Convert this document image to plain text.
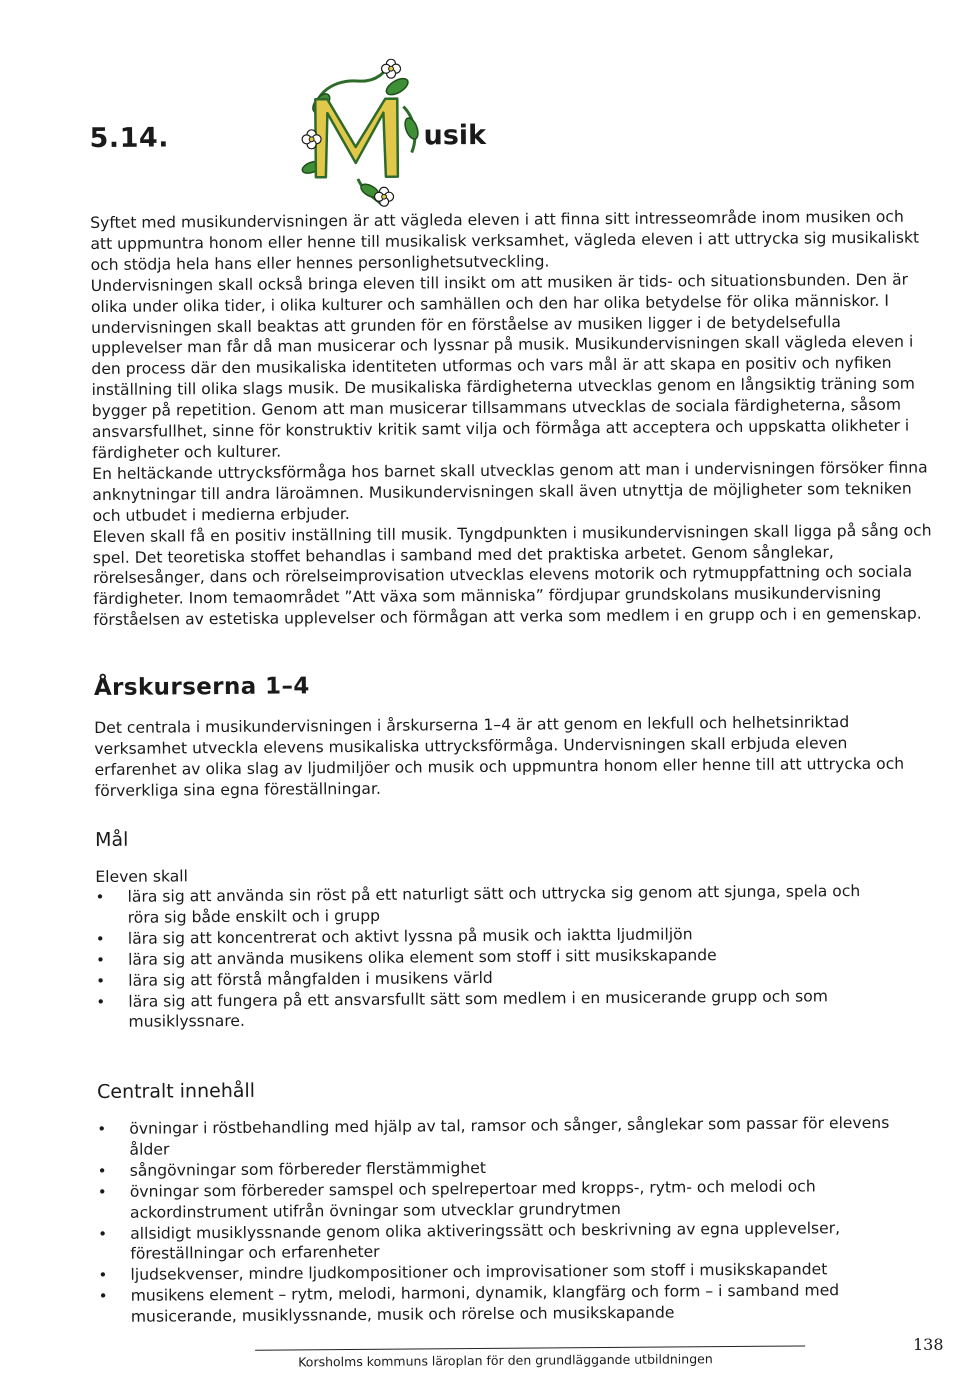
5.14.
M
usik

Syftet med musikundervisningen är att vägleda eleven i att finna sitt intresseområde inom musiken och att uppmuntra honom eller henne till musikalisk verksamhet, vägleda eleven i att uttrycka sig musikaliskt och stödja hela hans eller hennes personlighetsutveckling.
Undervisningen skall också bringa eleven till insikt om att musiken är tids- och situationsbunden. Den är olika under olika tider, i olika kulturer och samhällen och den har olika betydelse för olika människor. I undervisningen skall beaktas att grunden för en förståelse av musiken ligger i de betydelsefulla upplevelser man får då man musicerar och lyssnar på musik. Musikundervisningen skall vägleda eleven i den process där den musikaliska identiteten utformas och vars mål är att skapa en positiv och nyfiken inställning till olika slags musik. De musikaliska färdigheterna utvecklas genom en långsiktig träning som bygger på repetition. Genom att man musicerar tillsammans utvecklas de sociala färdigheterna, såsom ansvarsfullhet, sinne för konstruktiv kritik samt vilja och förmåga att acceptera och uppskatta olikheter i färdigheter och kulturer.
En heltäckande uttrycksförmåga hos barnet skall utvecklas genom att man i undervisningen försöker finna anknytningar till andra läroämnen. Musikundervisningen skall även utnyttja de möjligheter som tekniken och utbudet i medierna erbjuder.
Eleven skall få en positiv inställning till musik. Tyngdpunkten i musikundervisningen skall ligga på sång och spel. Det teoretiska stoffet behandlas i samband med det praktiska arbetet. Genom sånglekar, rörelsesånger, dans och rörelseimprovisation utvecklas elevens motorik och rytmuppfattning och sociala färdigheter. Inom temaområdet ”Att växa som människa” fördjupar grundskolans musikundervisning förståelsen av estetiska upplevelser och förmågan att verka som medlem i en grupp och i en gemenskap.

Årskurserna 1–4

Det centrala i musikundervisningen i årskurserna 1–4 är att genom en lekfull och helhetsinriktad verksamhet utveckla elevens musikaliska uttrycksförmåga. Undervisningen skall erbjuda eleven erfarenhet av olika slag av ljudmiljöer och musik och uppmuntra honom eller henne till att uttrycka och förverkliga sina egna föreställningar.

Mål

Eleven skall

• lära sig att använda sin röst på ett naturligt sätt och uttrycka sig genom att sjunga, spela och röra sig både enskilt och i grupp
• lära sig att koncentrerat och aktivt lyssna på musik och iaktta ljudmiljön
• lära sig att använda musikens olika element som stoff i sitt musikskapande
• lära sig att förstå mångfalden i musikens värld
• lära sig att fungera på ett ansvarsfullt sätt som medlem i en musicerande grupp och som musiklyssnare.
Centralt innehåll
• övningar i röstbehandling med hjälp av tal, ramsor och sånger, sånglekar som passar för elevens ålder
• sångövningar som förbereder flerstämmighet
• övningar som förbereder samspel och spelrepertoar med kropps-, rytm- och melodi och ackordinstrument utifrån övningar som utvecklar grundrytmen
• allsidigt musiklyssnande genom olika aktiveringssätt och beskrivning av egna upplevelser, föreställningar och erfarenheter
• ljudsekvenser, mindre ljudkompositioner och improvisationer som stoff i musikskapandet
• musikens element – rytm, melodi, harmoni, dynamik, klangfärg och form – i samband med musicerande, musiklyssnande, musik och rörelse och musikskapande

Korsholms kommuns läroplan för den grundläggande utbildningen

138
